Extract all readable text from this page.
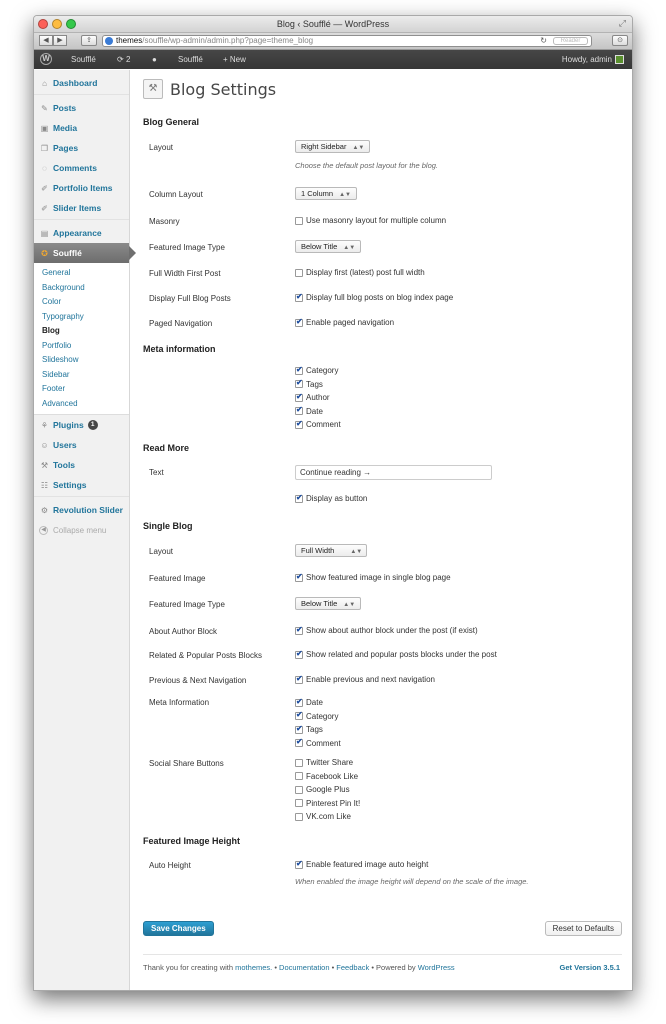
Blog ‹ Soufflé — WordPress	⤢
◀	▶	⇪	themes/souffle/wp-admin/admin.php?page=theme_blog	↻	Reader	⊙
W	Soufflé	⟳ 2	●	Soufflé	+ New	Howdy, admin
⌂ Dashboard
✎ Posts
▣ Media
❐ Pages
◌ Comments
✐ Portfolio Items
✐ Slider Items
▤ Appearance
✪ Soufflé
General
Background
Color
Typography
Blog
Portfolio
Slideshow
Sidebar
Footer
Advanced
⚘ Plugins	1
☺ Users
⚒ Tools
☷ Settings
⚙ Revolution Slider
◀ Collapse menu
⚒ Blog Settings
Blog General
Layout	Right Sidebar ▲▼
Choose the default post layout for the blog.
Column Layout	1 Column ▲▼
Masonry	Use masonry layout for multiple column
Featured Image Type	Below Title ▲▼
Full Width First Post	Display first (latest) post full width
Display Full Blog Posts ✔	Display full blog posts on blog index page
Paged Navigation ✔	Enable paged navigation
Meta information
✔
Category
✔
Tags
✔
Author
✔
Date
✔
Comment
Read More
Text	Continue reading →
✔
Display as button
Single Blog
Layout	Full Width	▲▼
Featured Image ✔	Show featured image in single blog page
Featured Image Type	Below Title ▲▼
About Author Block ✔	Show about author block under the post (if exist)
Related & Popular Posts Blocks ✔	Show related and popular posts blocks under the post
Previous & Next Navigation ✔	Enable previous and next navigation
Meta Information ✔	Date
✔
Category
✔
Tags
✔
Comment
Social Share Buttons	Twitter Share
Facebook Like
Google Plus
Pinterest Pin It!
VK.com Like
Featured Image Height
Auto Height ✔	Enable featured image auto height
When enabled the image height will depend on the scale of the image.
Save Changes	Reset to Defaults
Thank you for creating with mothemes. • Documentation • Feedback • Powered by WordPress	Get Version 3.5.1
